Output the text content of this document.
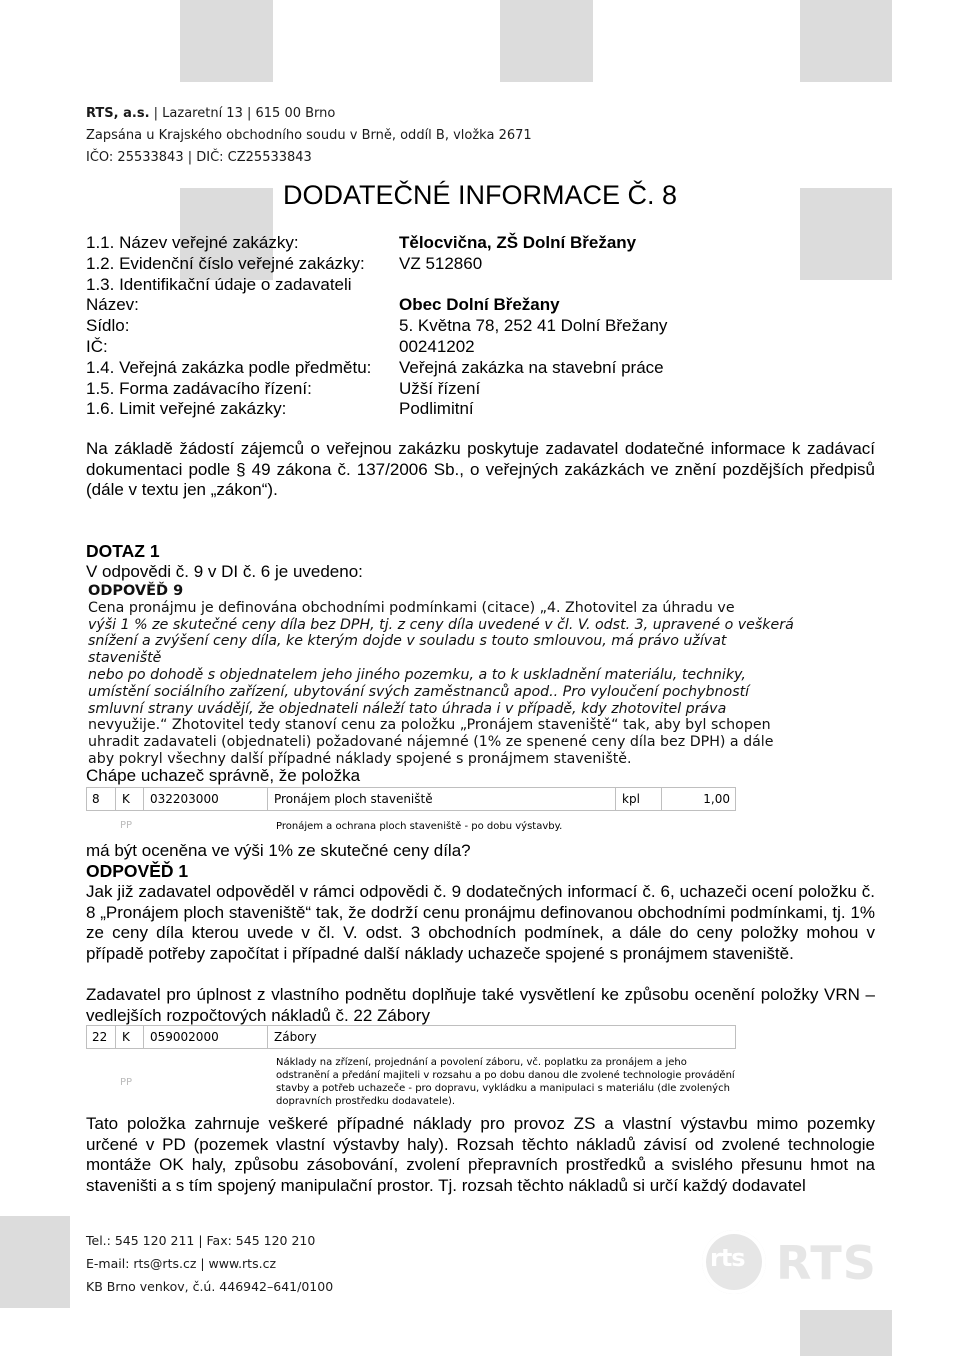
RTS, a.s. | Lazaretní 13 | 615 00 Brno
Zapsána u Krajského obchodního soudu v Brně, oddíl B, vložka 2671
IČO: 25533843 | DIČ: CZ25533843
DODATEČNÉ INFORMACE Č. 8
1.1. Název veřejné zakázky:	Tělocvična, ZŠ Dolní Břežany
1.2. Evidenční číslo veřejné zakázky: VZ 512860
1.3. Identifikační údaje o zadavateli
Název:	Obec Dolní Břežany
Sídlo:	5. Května 78, 252 41 Dolní Břežany
IČ:	00241202
1.4. Veřejná zakázka podle předmětu: Veřejná zakázka na stavební práce
1.5. Forma zadávacího řízení:	Užší řízení
1.6. Limit veřejné zakázky:	Podlimitní
Na základě žádostí zájemců o veřejnou zakázku poskytuje zadavatel dodatečné informace k zadávací dokumentaci podle § 49 zákona č. 137/2006 Sb., o veřejných zakázkách ve znění pozdějších předpisů (dále v textu jen „zákon“).
DOTAZ 1
V odpovědi č. 9 v DI č. 6 je uvedeno:
ODPOVĚĎ 9
Cena pronájmu je definována obchodními podmínkami (citace) „4. Zhotovitel za úhradu ve
výši 1 % ze skutečné ceny díla bez DPH, tj. z ceny díla uvedené v čl. V. odst. 3, upravené o veškerá
snížení a zvýšení ceny díla, ke kterým dojde v souladu s touto smlouvou, má právo užívat staveniště
nebo po dohodě s objednatelem jeho jiného pozemku, a to k uskladnění materiálu, techniky,
umístění sociálního zařízení, ubytování svých zaměstnanců apod.. Pro vyloučení pochybností
smluvní strany uvádějí, že objednateli náleží tato úhrada i v případě, kdy zhotovitel práva
nevyužije.“ Zhotovitel tedy stanoví cenu za položku „Pronájem staveniště“ tak, aby byl schopen
uhradit zadavateli (objednateli) požadované nájemné (1% ze spenené ceny díla bez DPH) a dále
aby pokryl všechny další případné náklady spojené s pronájmem staveniště.
Chápe uchazeč správně, že položka
8	K	032203000	Pronájem ploch staveniště	kpl	1,00
PP	Pronájem a ochrana ploch staveniště - po dobu výstavby.
má být oceněna ve výši 1% ze skutečné ceny díla?
ODPOVĚĎ 1
Jak již zadavatel odpověděl v rámci odpovědi č. 9 dodatečných informací č. 6, uchazeči ocení položku č. 8 „Pronájem ploch staveniště“ tak, že dodrží cenu pronájmu definovanou obchodními podmínkami, tj. 1% ze ceny díla kterou uvede v čl. V. odst. 3 obchodních podmínek, a dále do ceny položky mohou v případě potřeby započítat i případné další náklady uchazeče spojené s pronájmem staveniště.
Zadavatel pro úplnost z vlastního podnětu doplňuje také vysvětlení ke způsobu ocenění položky VRN – vedlejších rozpočtových nákladů č. 22 Zábory
22	K	059002000	Zábory
PP
Náklady na zřízení, projednání a povolení záboru, vč. poplatku za pronájem a jeho
odstranění a předání majiteli v rozsahu a po dobu danou dle zvolené technologie provádění
stavby a potřeb uchazeče - pro dopravu, vykládku a manipulaci s materiálu (dle zvolených
dopravních prostředku dodavatele).
Tato položka zahrnuje veškeré případné náklady pro provoz ZS a vlastní výstavbu mimo pozemky určené v PD (pozemek vlastní výstavby haly). Rozsah těchto nákladů závisí od zvolené technologie montáže OK haly, způsobu zásobování, zvolení přepravních prostředků a svislého přesunu hmot na staveništi a s tím spojený manipulační prostor. Tj. rozsah těchto nákladů si určí každý dodavatel
Tel.: 545 120 211 | Fax: 545 120 210
E-mail: rts@rts.cz | www.rts.cz
KB Brno venkov, č.ú. 446942–641/0100
rts RTS
